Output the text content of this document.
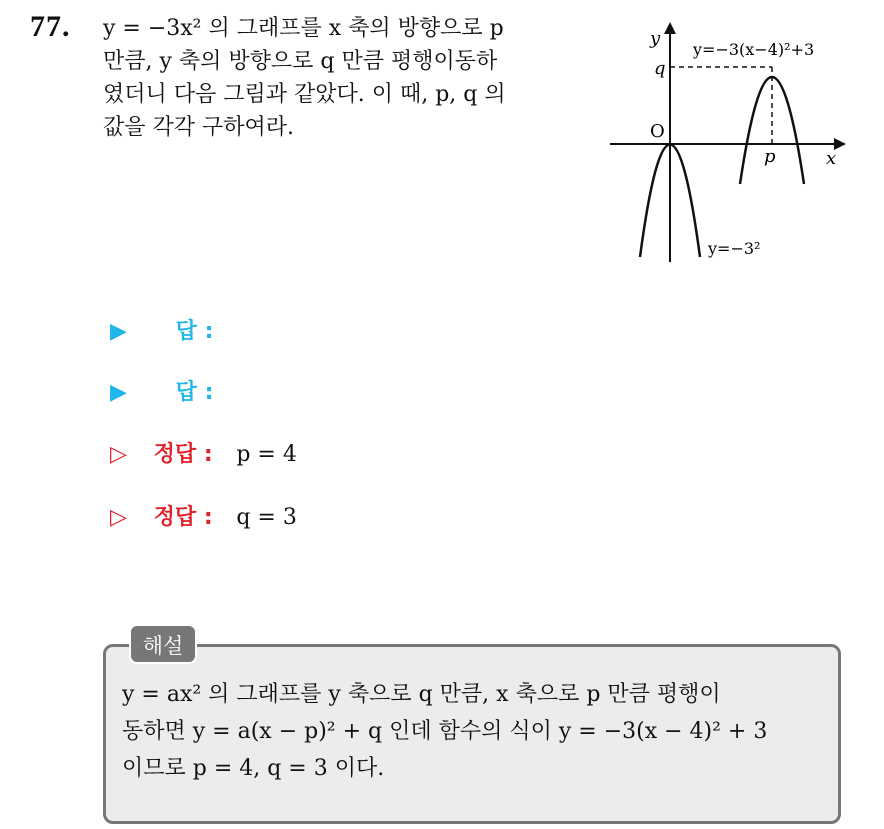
77. y = −3x² 의 그래프를 x 축의 방향으로 p
만큼, y 축의 방향으로 q 만큼 평행이동하
였더니 다음 그림과 같았다. 이 때, p, q 의
값을 각각 구하여라.
y
x
O
q
p
y=−3(x−4)²+3
y=−3²
▶ 답 :
▶ 답 :
▷ 정답 : p = 4
▷ 정답 : q = 3
해설
y = ax² 의 그래프를 y 축으로 q 만큼, x 축으로 p 만큼 평행이
동하면 y = a(x − p)² + q 인데 함수의 식이 y = −3(x − 4)² + 3
이므로 p = 4, q = 3 이다.
